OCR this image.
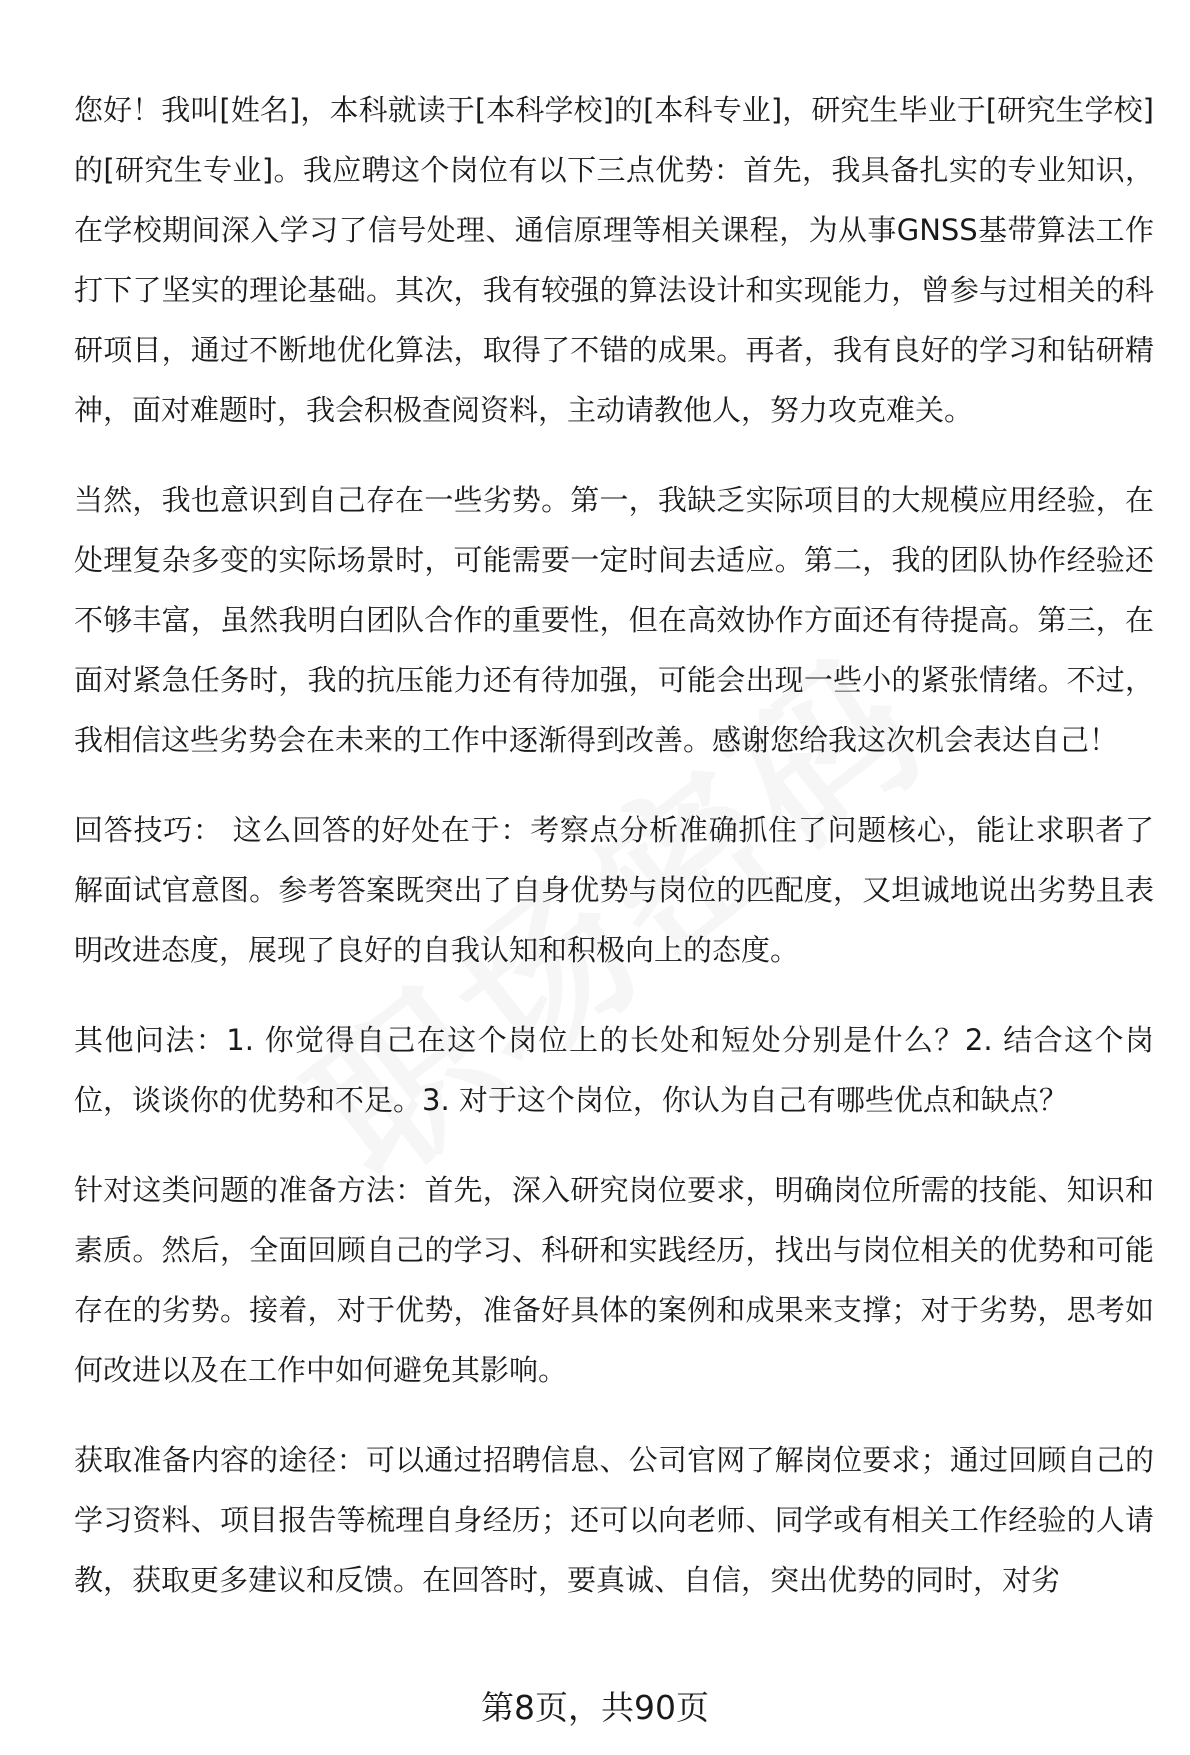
您好！我叫[姓名]，本科就读于[本科学校]的[本科专业]，研究生毕业于[研究生学校]的[研究生专业]。我应聘这个岗位有以下三点优势：首先，我具备扎实的专业知识，在学校期间深入学习了信号处理、通信原理等相关课程，为从事GNSS基带算法工作打下了坚实的理论基础。其次，我有较强的算法设计和实现能力，曾参与过相关的科研项目，通过不断地优化算法，取得了不错的成果。再者，我有良好的学习和钻研精神，面对难题时，我会积极查阅资料，主动请教他人，努力攻克难关。

当然，我也意识到自己存在一些劣势。第一，我缺乏实际项目的大规模应用经验，在处理复杂多变的实际场景时，可能需要一定时间去适应。第二，我的团队协作经验还不够丰富，虽然我明白团队合作的重要性，但在高效协作方面还有待提高。第三，在面对紧急任务时，我的抗压能力还有待加强，可能会出现一些小的紧张情绪。不过，我相信这些劣势会在未来的工作中逐渐得到改善。感谢您给我这次机会表达自己！

回答技巧： 这么回答的好处在于：考察点分析准确抓住了问题核心，能让求职者了解面试官意图。参考答案既突出了自身优势与岗位的匹配度，又坦诚地说出劣势且表明改进态度，展现了良好的自我认知和积极向上的态度。

其他问法：1. 你觉得自己在这个岗位上的长处和短处分别是什么？2. 结合这个岗位，谈谈你的优势和不足。3. 对于这个岗位，你认为自己有哪些优点和缺点？

针对这类问题的准备方法：首先，深入研究岗位要求，明确岗位所需的技能、知识和素质。然后，全面回顾自己的学习、科研和实践经历，找出与岗位相关的优势和可能存在的劣势。接着，对于优势，准备好具体的案例和成果来支撑；对于劣势，思考如何改进以及在工作中如何避免其影响。

获取准备内容的途径：可以通过招聘信息、公司官网了解岗位要求；通过回顾自己的学习资料、项目报告等梳理自身经历；还可以向老师、同学或有相关工作经验的人请教，获取更多建议和反馈。在回答时，要真诚、自信，突出优势的同时，对劣

第8页，共90页
